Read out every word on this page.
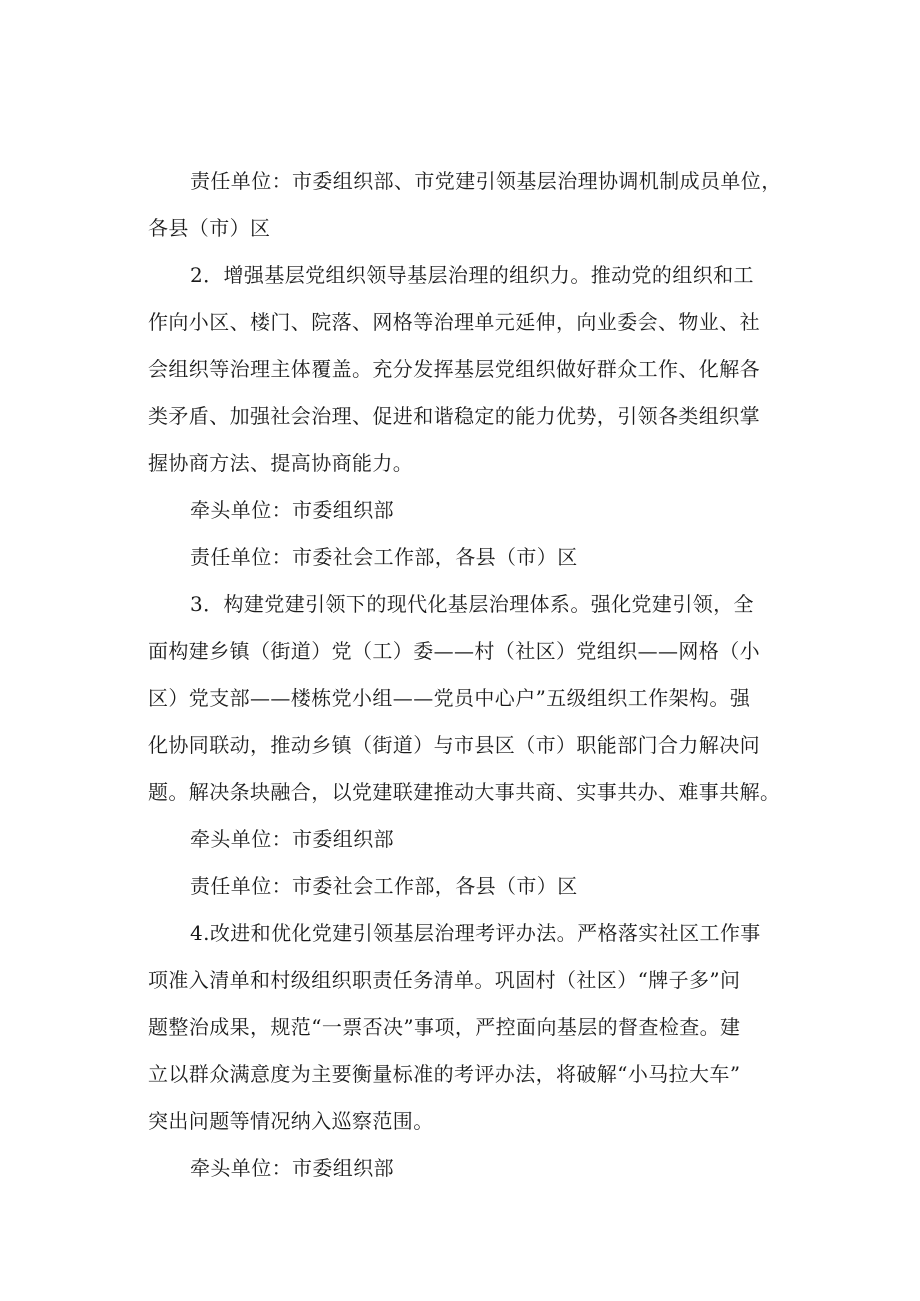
责任单位：市委组织部、市党建引领基层治理协调机制成员单位，
各县（市）区
2．增强基层党组织领导基层治理的组织力。推动党的组织和工
作向小区、楼门、院落、网格等治理单元延伸，向业委会、物业、社
会组织等治理主体覆盖。充分发挥基层党组织做好群众工作、化解各
类矛盾、加强社会治理、促进和谐稳定的能力优势，引领各类组织掌
握协商方法、提高协商能力。
牵头单位：市委组织部
责任单位：市委社会工作部，各县（市）区
3．构建党建引领下的现代化基层治理体系。强化党建引领，全
面构建乡镇（街道）党（工）委——村（社区）党组织——网格（小
区）党支部——楼栋党小组——党员中心户”五级组织工作架构。强
化协同联动，推动乡镇（街道）与市县区（市）职能部门合力解决问
题。解决条块融合，以党建联建推动大事共商、实事共办、难事共解。
牵头单位：市委组织部
责任单位：市委社会工作部，各县（市）区
4.改进和优化党建引领基层治理考评办法。严格落实社区工作事
项准入清单和村级组织职责任务清单。巩固村（社区）“牌子多”问
题整治成果，规范“一票否决”事项，严控面向基层的督查检查。建
立以群众满意度为主要衡量标准的考评办法，将破解“小马拉大车”
突出问题等情况纳入巡察范围。
牵头单位：市委组织部
